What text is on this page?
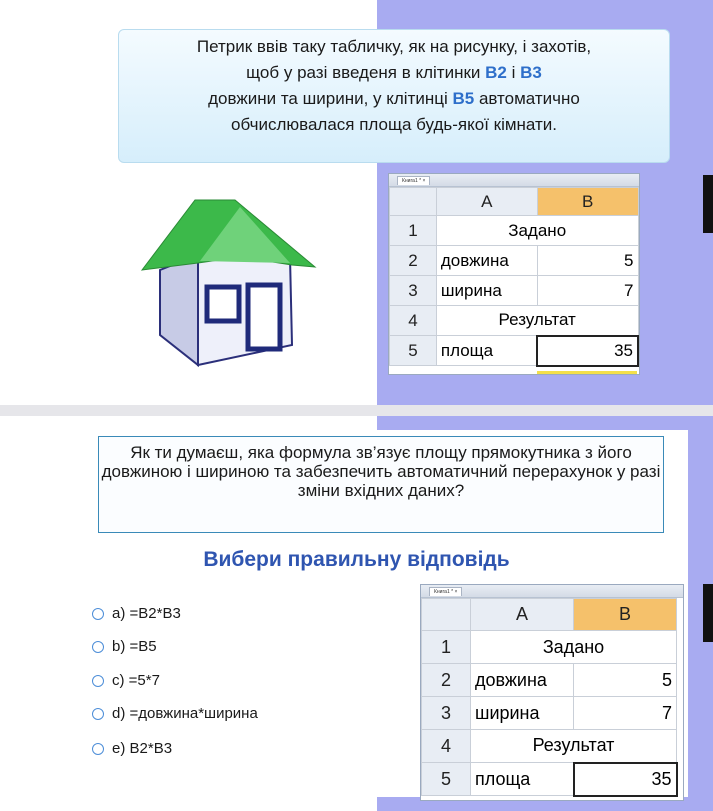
Петрик ввів таку табличку, як на рисунку, і захотів,
щоб у разі введеня в клітинки B2 і B3
довжини та ширини, у клітинці B5 автоматично
обчислювалася площа будь-якої кімнати.
Книга1 * ×
	A	B
1	Задано	
2	довжина	5
3	ширина	7
4	Результат	
5	площа	35
Як ти думаєш, яка формула зв’язує площу прямокутника з його довжиною і шириною та забезпечить автоматичний перерахунок у разі зміни вхідних даних?
Вибери правильну відповідь
a) =B2*B3
b) =B5
c) =5*7
d) =довжина*ширина
e) B2*B3
Книга1 * ×
	A	B
1	Задано	
2	довжина	5
3	ширина	7
4	Результат	
5	площа	35
